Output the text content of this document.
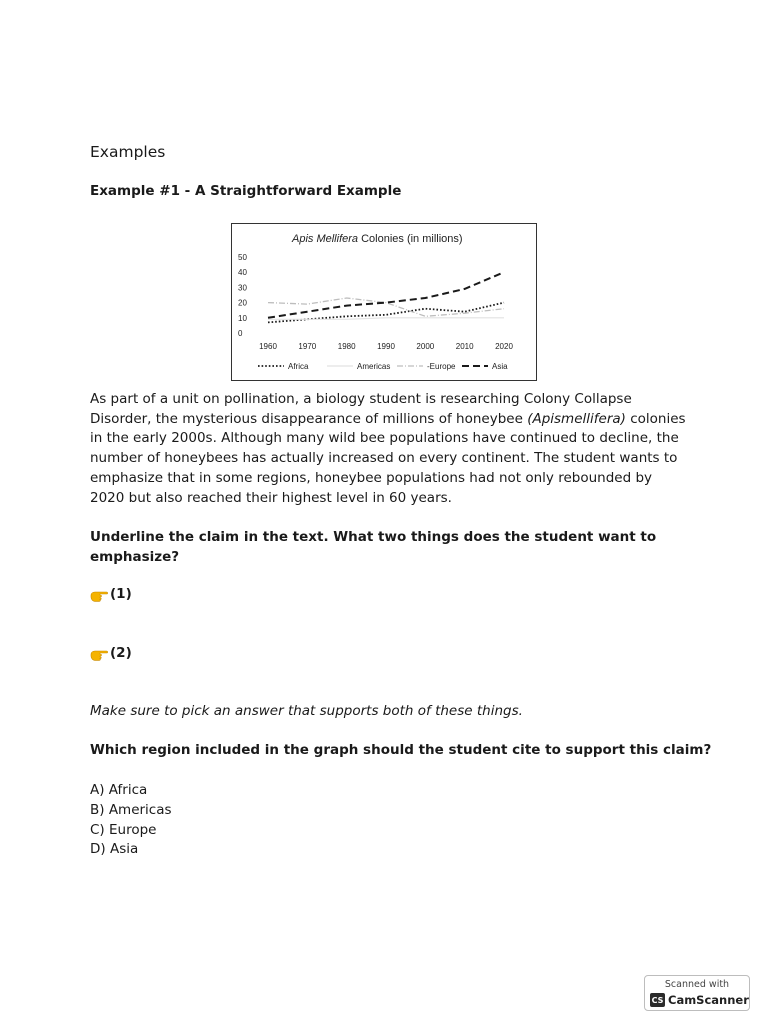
Examples
Example #1 - A Straightforward Example
Apis Mellifera Colonies (in millions)
0
10
20
30
40
50
1960	1970	1980	1990	2000	2010	2020
Africa	Americas	-Europe	Asia
As part of a unit on pollination, a biology student is researching Colony Collapse Disorder, the mysterious disappearance of millions of honeybee (Apismellifera) colonies in the early 2000s. Although many wild bee populations have continued to decline, the number of honeybees has actually increased on every continent. The student wants to emphasize that in some regions, honeybee populations had not only rebounded by 2020 but also reached their highest level in 60 years.
Underline the claim in the text. What two things does the student want to emphasize?
(1)
(2)
Make sure to pick an answer that supports both of these things.
Which region included in the graph should the student cite to support this claim?
A) Africa
B) Americas
C) Europe
D) Asia
Scanned with
CS CamScanner
